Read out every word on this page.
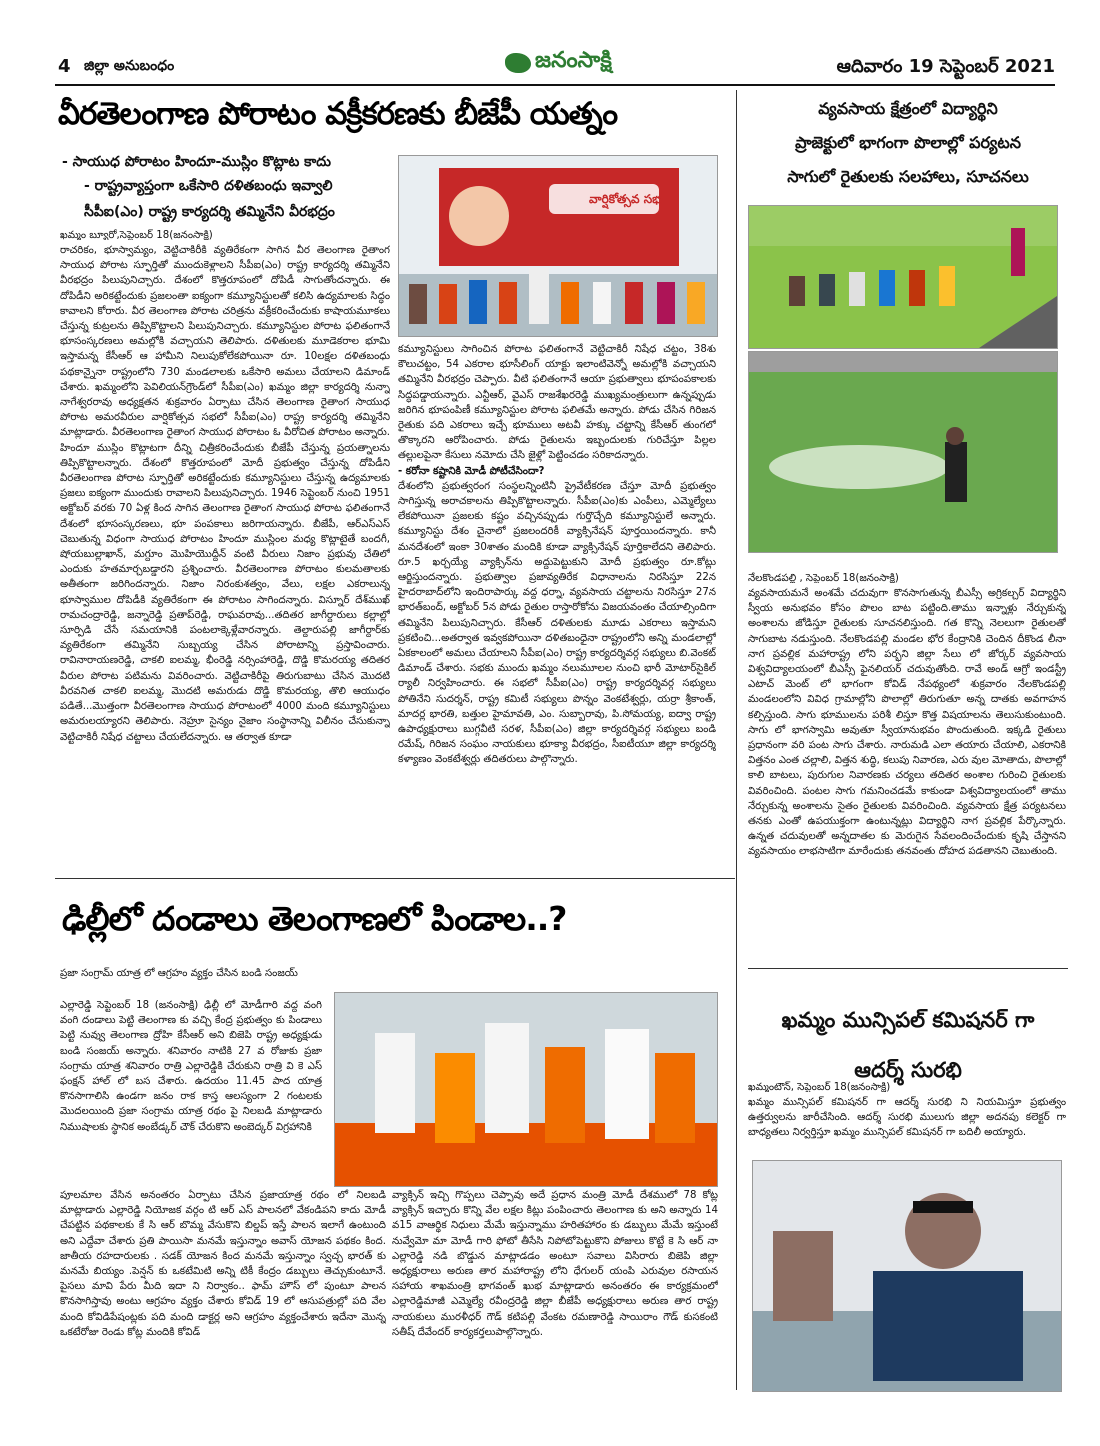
4 జిల్లా అనుబంధం	జనంసాక్షి	ఆదివారం 19 సెప్టెంబర్ 2021
వీరతెలంగాణ పోరాటం వక్రీకరణకు బీజేపీ యత్నం
- సాయుధ పోరాటం హిందూ-ముస్లిం కొట్లాట కాదు
- రాష్ట్రవ్యాప్తంగా ఒకేసారి దళితబంధు ఇవ్వాలి
సీపీఐ(ఎం) రాష్ట్ర కార్యదర్శి తమ్మినేని వీరభద్రం
ఖమ్మం బ్యూరో,సెప్టెంబర్ 18(జనంసాక్షి)

రాచరికం, భూస్వామ్యం, వెట్టిచాకిరీకి వ్యతిరేకంగా సాగిన వీర తెలంగాణ రైతాంగ సాయుధ పోరాట స్ఫూర్తితో ముందుకెళ్లాలని సీపీఐ(ఎం) రాష్ట్ర కార్యదర్శి తమ్మినేని వీరభద్రం పిలుపునిచ్చారు. దేశంలో కొత్తరూపంలో దోపిడీ సాగుతోందన్నారు. ఈ దోపిడీని అరికట్టేందుకు ప్రజలంతా ఐక్యంగా కమ్యూనిస్టులతో కలిసి ఉద్యమాలకు సిద్ధం కావాలని కోరారు. వీర తెలంగాణ పోరాట చరిత్రను వక్రీకరించేందుకు కాషాయమూకలు చేస్తున్న కుట్రలను తిప్పికొట్టాలని పిలుపునిచ్చారు. కమ్యూనిస్టుల పోరాట ఫలితంగానే భూసంస్కరణలు అమల్లోకి వచ్చాయని తెలిపారు. దళితులకు మూడెకరాల భూమి ఇస్తామన్న కేసీఆర్ ఆ హామీని నిలుపుకోలేకపోయినా రూ. 10లక్షల దళితబంధు పథకాన్నైనా రాష్ట్రంలోని 730 మండలాలకు ఒకేసారి అమలు చేయాలని డిమాండ్ చేశారు. ఖమ్మంలోని పెవిలియన్‌గ్రౌండ్‌లో సీపీఐ(ఎం) ఖమ్మం జిల్లా కార్యదర్శి నున్నా నాగేశ్వరరావు అధ్యక్షతన శుక్రవారం ఏర్పాటు చేసిన తెలంగాణ రైతాంగ సాయుధ పోరాట అమరవీరుల వార్షికోత్సవ సభలో సీపీఐ(ఎం) రాష్ట్ర కార్యదర్శి తమ్మినేని మాట్లాడారు. వీరతెలంగాణ రైతాంగ సాయుధ పోరాటం ఓ వీరోచిత పోరాటం అన్నారు. హిందూ ముస్లిం కొట్లాటగా దీన్ని చిత్రీకరించేందుకు బీజేపీ చేస్తున్న ప్రయత్నాలను తిప్పికొట్టాలన్నారు. దేశంలో కొత్తరూపంలో మోదీ ప్రభుత్వం చేస్తున్న దోపిడీని వీరతెలంగాణ పోరాట స్ఫూర్తితో అరికట్టేందుకు కమ్యూనిస్టులు చేస్తున్న ఉద్యమాలకు ప్రజలు ఐక్యంగా ముందుకు రావాలని పిలుపునిచ్చారు. 1946 సెప్టెంబర్ నుంచి 1951 అక్టోబర్ వరకు 70 ఏళ్ల కింద సాగిన తెలంగాణ రైతాంగ సాయుధ పోరాట ఫలితంగానే దేశంలో భూసంస్కరణలు, భూ పంపకాలు జరిగాయన్నారు. బీజేపీ, ఆర్ఎస్ఎస్ చెబుతున్న విధంగా సాయుధ పోరాటం హిందూ ముస్లింల మధ్య కొట్లాటైతే బందగీ, షోయబుల్లాఖాన్, మగ్దూం మొహియొద్దీన్ వంటి వీరులు నిజాం ప్రభువు చేతిలో ఎందుకు హతమార్చబడ్డారని ప్రశ్నించారు. వీరతెలంగాణ పోరాటం కులమతాలకు అతీతంగా జరిగిందన్నారు. నిజాం నిరంకుశత్వం, వేలు, లక్షల ఎకరాలున్న భూస్వాముల దోపిడీకి వ్యతిరేకంగా ఈ పోరాటం సాగిందన్నారు. విస్నూర్ దేశ్‌ముఖ్ రామచంద్రారెడ్డి, జన్నారెడ్డి ప్రతాప్‌రెడ్డి, రాఘవరావు...తదితర జాగీర్దారులు కల్లాల్లో సూర్పిడి చేసే సమయానికి పంటలాక్కెళ్లేవారన్నారు. తెల్దారుపల్లి జాగీర్దార్‌కు వ్యతిరేకంగా తమ్మినేని సుబ్బయ్య చేసిన పోరాటాన్ని ప్రస్తావించారు. రావినారాయణరెడ్డి, చాకలి ఐలమ్మ, భీంరెడ్డి నర్సింహారెడ్డి, దొడ్డి కొమరయ్య తదితర వీరుల పోరాట పటిమను వివరించారు. వెట్టిచాకిరీపై తిరుగుబాటు చేసిన మొదటి వీరవనిత చాకలి ఐలమ్మ, మొదటి అమరుడు దొడ్డి కొమరయ్య, తొలి ఆయుధం పడితే...మొత్తంగా వీరతెలంగాణ సాయుధ పోరాటంలో 4000 మంది కమ్యూనిస్టులు అమరులయ్యారని తెలిపారు. నెహ్రూ సైన్యం నైజాం సంస్థానాన్ని విలీనం చేసుకున్నా వెట్టిచాకిరీ నిషేధ చట్టాలు చేయలేదన్నారు. ఆ తర్వాత కూడా

వార్షికోత్సవ సభ

కమ్యూనిస్టులు సాగించిన పోరాట ఫలితంగానే వెట్టిచాకిరీ నిషేధ చట్టం, 38శు కౌలుచట్టం, 54 ఎకరాల భూసీలింగ్ యాక్టు ఇలాంటివెన్నో అమల్లోకి వచ్చాయని తమ్మినేని వీరభద్రం చెప్పారు. వీటి ఫలితంగానే ఆయా ప్రభుత్వాలు భూపంపకాలకు సిద్ధపడ్డాయన్నారు. ఎన్టీఆర్, వైఎస్ రాజశేఖరరెడ్డి ముఖ్యమంత్రులుగా ఉన్నప్పుడు జరిగిన భూపంపిణీ కమ్యూనిస్టుల పోరాట ఫలితమే అన్నారు. పోడు చేసిన గిరిజన రైతుకు పది ఎకరాలు ఇచ్చే భూములు అటవీ హక్కు చట్టాన్ని కేసీఆర్ తుంగలో తొక్కారని ఆరోపించారు. పోడు రైతులను ఇబ్బందులకు గురిచేస్తూ పిల్లల తల్లులపైనా కేసులు నమోదు చేసి జైళ్లో పెట్టించడం సరికాదన్నారు.

- కరోనా కష్టానికి మోడీ పోటీచేసిందా?

దేశంలోని ప్రభుత్వరంగ సంస్థలన్నింటినీ ప్రైవేటీకరణ చేస్తూ మోదీ ప్రభుత్వం సాగిస్తున్న అరాచకాలను తిప్పికొట్టాలన్నారు. సీపీఐ(ఎం)కు ఎంపీలు, ఎమ్మెల్యేలు లేకపోయినా ప్రజలకు కష్టం వచ్చినప్పుడు గుర్తొచ్చేది కమ్యూనిస్టులే అన్నారు. కమ్యూనిస్టు దేశం చైనాలో ప్రజలందరికీ వ్యాక్సినేషన్ పూర్తయిందన్నారు. కానీ మనదేశంలో ఇంకా 30శాతం మందికి కూడా వ్యాక్సినేషన్ పూర్తికాలేదని తెలిపారు. రూ.5 ఖర్చయ్యే వ్యాక్సిన్‌ను అద్దుపెట్టుకుని మోదీ ప్రభుత్వం రూ.కోట్లు ఆర్జిస్తుందన్నారు. ప్రభుత్వాల ప్రజావ్యతిరేక విధానాలను నిరసిస్తూ 22న హైదరాబాద్‌లోని ఇందిరాపార్కు వద్ద ధర్నా, వ్యవసాయ చట్టాలను నిరసిస్తూ 27న భారత్‌బంద్, అక్టోబర్ 5న పోడు రైతుల రాస్తారోకోను విజయవంతం చేయాల్సిందిగా తమ్మినేని పిలుపునిచ్చారు. కేసీఆర్ దళితులకు మూడు ఎకరాలు ఇస్తామని ప్రకటించి...అతర్వాత ఇవ్వకపోయినా దళితబంధైనా రాష్ట్రంలోని అన్ని మండలాల్లో ఏకకాలంలో అమలు చేయాలని సీపీఐ(ఎం) రాష్ట్ర కార్యదర్శివర్గ సభ్యులు బి.వెంకట్ డిమాండ్ చేశారు. సభకు ముందు ఖమ్మం నలుమూలల నుంచి భారీ మోటార్‌సైకిల్ ర్యాలీ నిర్వహించారు. ఈ సభలో సీపీఐ(ఎం) రాష్ట్ర కార్యదర్శివర్గ సభ్యులు పోతినేని సుదర్శన్, రాష్ట్ర కమిటీ సభ్యులు పొన్నం వెంకటేశ్వర్లు, యర్రా శ్రీకాంత్, మాదర్ల భారతి, బత్తుల హైమావతి, ఎం. సుబ్బారావు, పి.సోమయ్య, ఐద్వా రాష్ట్ర ఉపాధ్యక్షురాలు బుగ్గవీటి సరళ, సీపీఐ(ఎం) జిల్లా కార్యదర్శివర్గ సభ్యులు బండి రమేష్, గిరిజన సంఘం నాయకులు భూక్యా వీరభద్రం, సీఐటీయూ జిల్లా కార్యదర్శి కళ్యాణం వెంకటేశ్వర్లు తదితరులు పాల్గొన్నారు.

వ్యవసాయ క్షేత్రంలో విద్యార్థిని
ప్రాజెక్టులో భాగంగా పొలాల్లో పర్యటన
సాగులో రైతులకు సలహాలు, సూచనలు
నేలకొండపల్లి , సెప్టెంబర్ 18(జనంసాక్షి)

వ్యవసాయమనే అంశమే చదువుగా కొనసాగుతున్న బీఎస్సీ అగ్రికల్చర్ విద్యార్థిని స్వీయ అనుభవం కోసం పొలం బాట పట్టింది.తాము ఇన్నాళ్లు నేర్చుకున్న అంశాలను జోడిస్తూ రైతులకు సూచనలిస్తుంది. గత కొన్ని నెలలుగా రైతులతో సాగుబాట నడుస్తుంది. నేలకొండపల్లి మండల భోర కేంద్రానికి చెందిన దీకొండ లీనా నాగ ప్రవల్లిక మహారాష్ట్ర లోని పర్భని జిల్లా సేలు లో జోర్కర్ వ్యవసాయ విశ్వవిద్యాలయంలో బీఎస్సీ ఫైనలియర్ చదువుతోంది. రావే అండ్ ఆగ్రో ఇండస్ట్రీ ఎటాచ్ మెంట్ లో భాగంగా కోవిడ్ నేపథ్యంలో శుక్రవారం నేలకొండపల్లి మండలంలోని వివిధ గ్రామాల్లోని పొలాల్లో తిరుగుతూ అన్న దాతకు అవగాహన కల్పిస్తుంది. సాగు భూములను పరిశీ లిస్తూ కొత్త విషయాలను తెలుసుకుంటుంది. సాగు లో భాగస్వామి అవుతూ స్వీయానుభవం పొందుతుంది. ఇక్కడి రైతులు ప్రధానంగా వరి పంట సాగు చేశారు. నారుమడి ఎలా తయారు చేయాలి, ఎకరానికి విత్తనం ఎంత చల్లాలి, విత్తన శుద్ధి, కలుపు నివారణ, ఎరు వుల మోతాదు, పొలాల్లో కాలి బాటలు, పురుగుల నివారణకు చర్యలు తదితర అంశాల గురించి రైతులకు వివరించింది. పంటల సాగు గమనించడమే కాకుండా విశ్వవిద్యాలయంలో తాము నేర్చుకున్న అంశాలను సైతం రైతులకు వివరించింది. వ్యవసాయ క్షేత్ర పర్యటనలు తనకు ఎంతో ఉపయుక్తంగా ఉంటున్నట్లు విద్యార్థిని నాగ ప్రవల్లిక పేర్కొన్నారు. ఉన్నత చదువులతో అన్నదాతల కు మెరుగైన సేవలందించేందుకు కృషి చేస్తానని వ్యవసాయం లాభసాటిగా మారేందుకు తనవంతు దోహద పడతానని చెబుతుంది.

ఢిల్లీలో దండాలు తెలంగాణలో పిండాల..?
ప్రజా సంగ్రామ్ యాత్ర లో ఆగ్రహం వ్యక్తం చేసిన బండి సంజయ్

ఎల్లారెడ్డి సెప్టెంబర్ 18 (జనంసాక్షి) ఢిల్లీ లో మోడీగారి వద్ద వంగి వంగి దండాలు పెట్టి తెలంగాణ కు వచ్చి కేంద్ర ప్రభుత్వం కు పిండాలు పెట్టి నువ్వు తెలంగాణ ద్రోహి కేసీఆర్ అని బిజెపి రాష్ట్ర అధ్యక్షుడు బండి సంజయ్ అన్నారు. శనివారం నాటికి 27 వ రోజుకు ప్రజా సంగ్రామ యాత్ర శనివారం రాత్రి ఎల్లారెడ్డికి చేరుకుని రాత్రి వి కె ఎస్ ఫంక్షన్ హాల్ లో బస చేశారు. ఉదయం 11.45 పాద యాత్ర కొనసాగాలిసి ఉండగా జనం రాక కాస్త ఆలస్యంగా 2 గంటలకు మొదలయింది ప్రజా సంగ్రామ యాత్ర రథం పై నిలబడి మాట్లాడారు నిముషాలకు స్థానిక అంబేడ్కర్ చౌక్ చేరుకొని అంబెద్కర్ విగ్రహానికి

పూలమాల వేసిన అనంతరం ఏర్పాటు చేసిన ప్రజాయాత్ర రథం లో నిలబడి మాట్లాడారు ఎల్లారెడ్డి నియోజక వర్గం టి ఆర్ ఎస్ పాలనలో వేకండిపని కాదు మోడీ చేపట్టిన పథకాలకు కే సి ఆర్ బొమ్మ వేసుకొని బిల్డప్ ఇస్తే పాలన ఇలాగే ఉంటుంది అని ఎద్దేవా చేశారు ప్రతి పాయిసా మనమే ఇస్తున్నాం అవాస్ యోజన పథకం కింద. జాతీయ రహదారులకు . సడక్ యోజన కింద మనమే ఇస్తున్నాం స్వచ్ఛ భారత్ కు మనమే బియ్యం .పెన్షన్ కు ఒకటేమిటి అన్ని టికీ కేంద్రం డబ్బులు తెచ్చుకుంటూనే. పైసలు మావి పేరు మీది ఇదా ని నిర్వాకం.. ఫామ్ హౌస్ లో పుంటూ పాలన కొనసాగిస్తావు అంటు ఆగ్రహం వ్యక్తం చేశారు కోవిడ్ 19 లో ఆసుపత్రుల్లో పది వేల మంది కోవిడిపేషంట్లకు పది మంది డాక్టర్ల అని ఆగ్రహం వ్యక్తంచేశారు ఇదేనా మొన్న ఒకటేరోజు రెండు కోట్ల మందికి కోవిడ్

వ్యాక్సిన్ ఇచ్చి గొప్పలు చెప్పావు అదే ప్రధాన మంత్రి మోడీ దేశములో 78 కోట్ల వ్యాక్సిన్ ఇచ్చారు కొన్ని వేల లక్షల కిట్లు పంపించారు తెలంగాణ కు అని అన్నారు 14 వ15 వాఆర్థిక నిధులు మేమే ఇస్తున్నాము హరితహారం కు డబ్బులు మేమే ఇస్తుంటే నువ్వేమో మా మోడీ గారి ఫోటో తీసేసి నిపోటోపెట్టుకొని పోజులు కొట్టే కె సి ఆర్ నా ఎల్లారెడ్డి నడి బొడ్డున మాట్లాడడం అంటూ సవాలు విసిరారు బిజెపి జిల్లా అధ్యక్షురాలు అరుణ తార మహారాష్ట్ర లోని ధేగులర్ యంపి ఎరువుల రసాయన సహాయ శాఖమంత్రి భాగవంత్ ఖుభ మాట్లాడారు అనంతరం ఈ కార్యక్రమంలో ఎల్లారెడ్డిమాజీ ఎమ్మెల్యే రవీంద్రరెడ్డి జిల్లా బీజేపీ అధ్యక్షురాలు అరుణ తార రాష్ట్ర నాయకులు మురళీధర్ గౌడ్ కటిపల్లి వేంకట రమణారెడ్డి సాయిరాం గౌడ్ కుసకంటి సతీష్ దేవేందర్ కార్యకర్తలుపాల్గొన్నారు.

ఖమ్మం మున్సిపల్ కమిషనర్ గా
ఆదర్శ్ సురభి
ఖమ్మంటౌన్, సెప్టెంబర్ 18(జనంసాక్షి)

ఖమ్మం మున్సిపల్ కమిషనర్ గా ఆదర్శ్ సురభి ని నియమిస్తూ ప్రభుత్వం ఉత్తర్వులను జారీచేసింది. ఆదర్శ్ సురభి ములుగు జిల్లా అదనపు కలెక్టర్ గా బాధ్యతలు నిర్వర్తిస్తూ ఖమ్మం మున్సిపల్ కమిషనర్ గా బదిలీ అయ్యారు.
